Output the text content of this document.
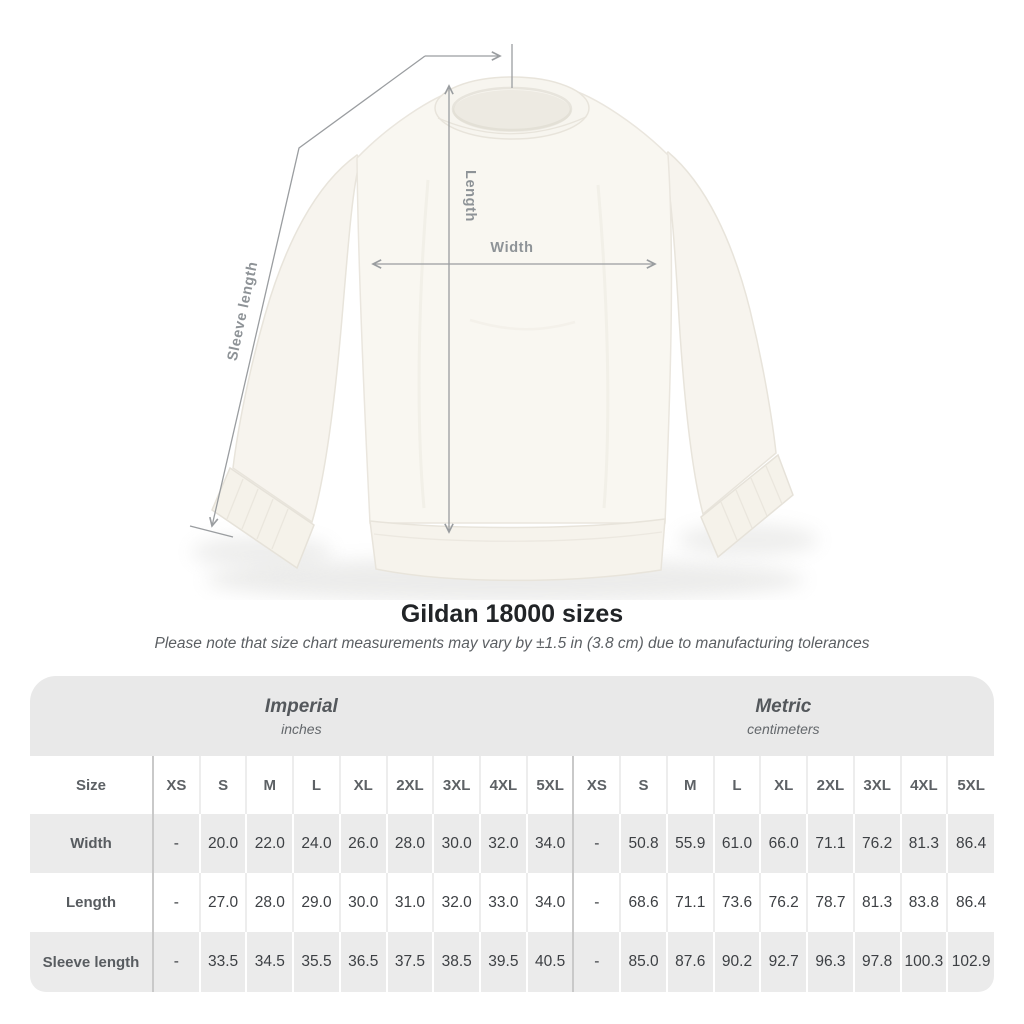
Length
Width
Sleeve length
Gildan 18000 sizes
Please note that size chart measurements may vary by ±1.5 in (3.8 cm) due to manufacturing tolerances
Imperial
inches
Metric
centimeters
Size	XS	S	M	L	XL	2XL	3XL	4XL	5XL	XS	S	M	L	XL	2XL	3XL	4XL	5XL
Width	-	20.0	22.0	24.0	26.0	28.0	30.0	32.0	34.0	-	50.8	55.9	61.0	66.0	71.1	76.2	81.3	86.4
Length	-	27.0	28.0	29.0	30.0	31.0	32.0	33.0	34.0	-	68.6	71.1	73.6	76.2	78.7	81.3	83.8	86.4
Sleeve length	-	33.5	34.5	35.5	36.5	37.5	38.5	39.5	40.5	-	85.0	87.6	90.2	92.7	96.3	97.8	100.3	102.9
